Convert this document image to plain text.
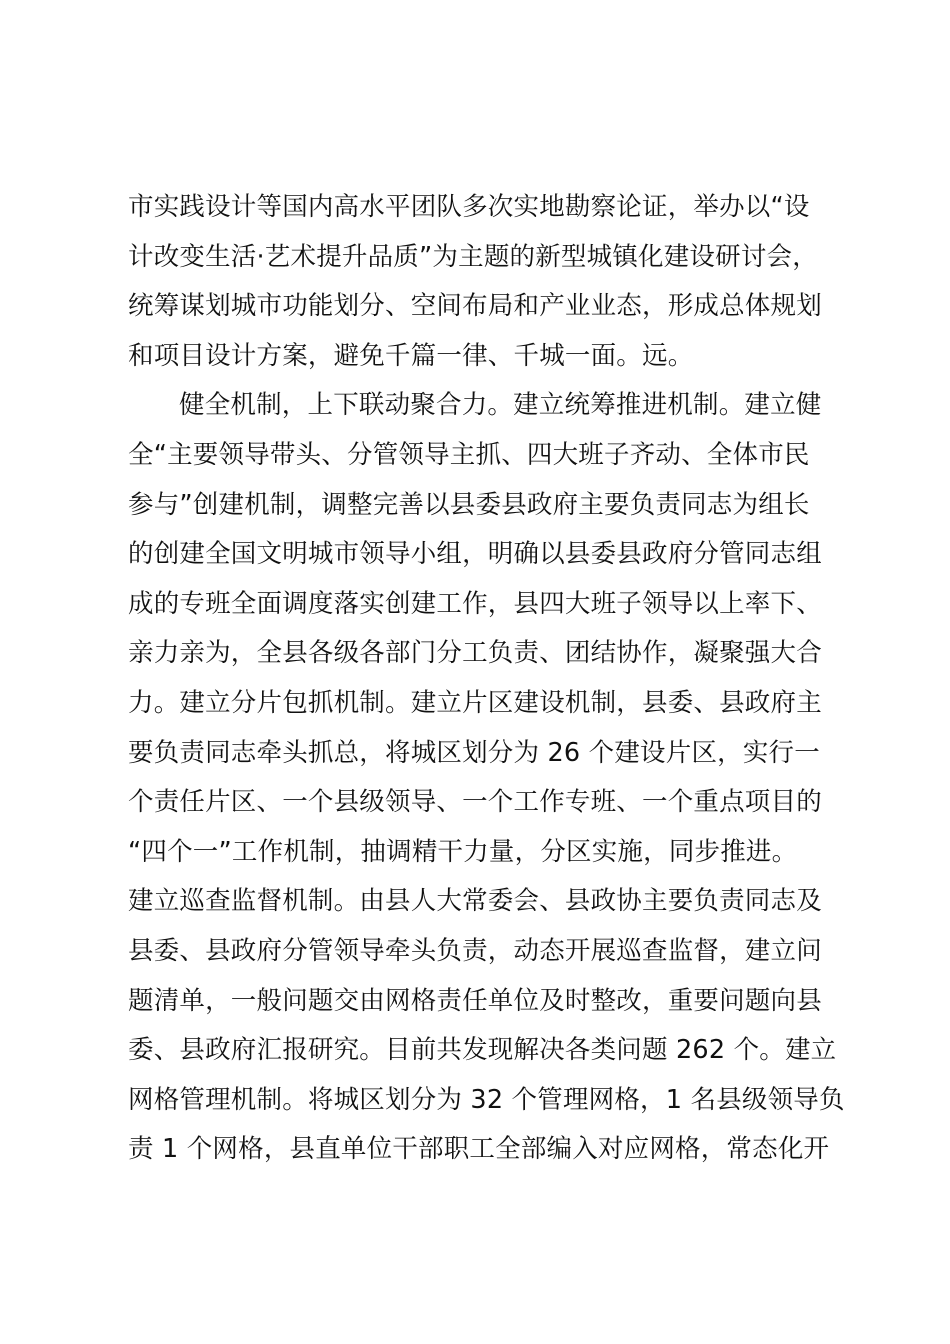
市实践设计等国内高水平团队多次实地勘察论证，举办以“设
计改变生活·艺术提升品质”为主题的新型城镇化建设研讨会，
统筹谋划城市功能划分、空间布局和产业业态，形成总体规划
和项目设计方案，避免千篇一律、千城一面。远。
健全机制，上下联动聚合力。建立统筹推进机制。建立健
全“主要领导带头、分管领导主抓、四大班子齐动、全体市民
参与”创建机制，调整完善以县委县政府主要负责同志为组长
的创建全国文明城市领导小组，明确以县委县政府分管同志组
成的专班全面调度落实创建工作，县四大班子领导以上率下、
亲力亲为，全县各级各部门分工负责、团结协作，凝聚强大合
力。建立分片包抓机制。建立片区建设机制，县委、县政府主
要负责同志牵头抓总，将城区划分为 26 个建设片区，实行一
个责任片区、一个县级领导、一个工作专班、一个重点项目的
“四个一”工作机制，抽调精干力量，分区实施，同步推进。
建立巡查监督机制。由县人大常委会、县政协主要负责同志及
县委、县政府分管领导牵头负责，动态开展巡查监督，建立问
题清单，一般问题交由网格责任单位及时整改，重要问题向县
委、县政府汇报研究。目前共发现解决各类问题 262 个。建立
网格管理机制。将城区划分为 32 个管理网格，1 名县级领导负
责 1 个网格，县直单位干部职工全部编入对应网格，常态化开
